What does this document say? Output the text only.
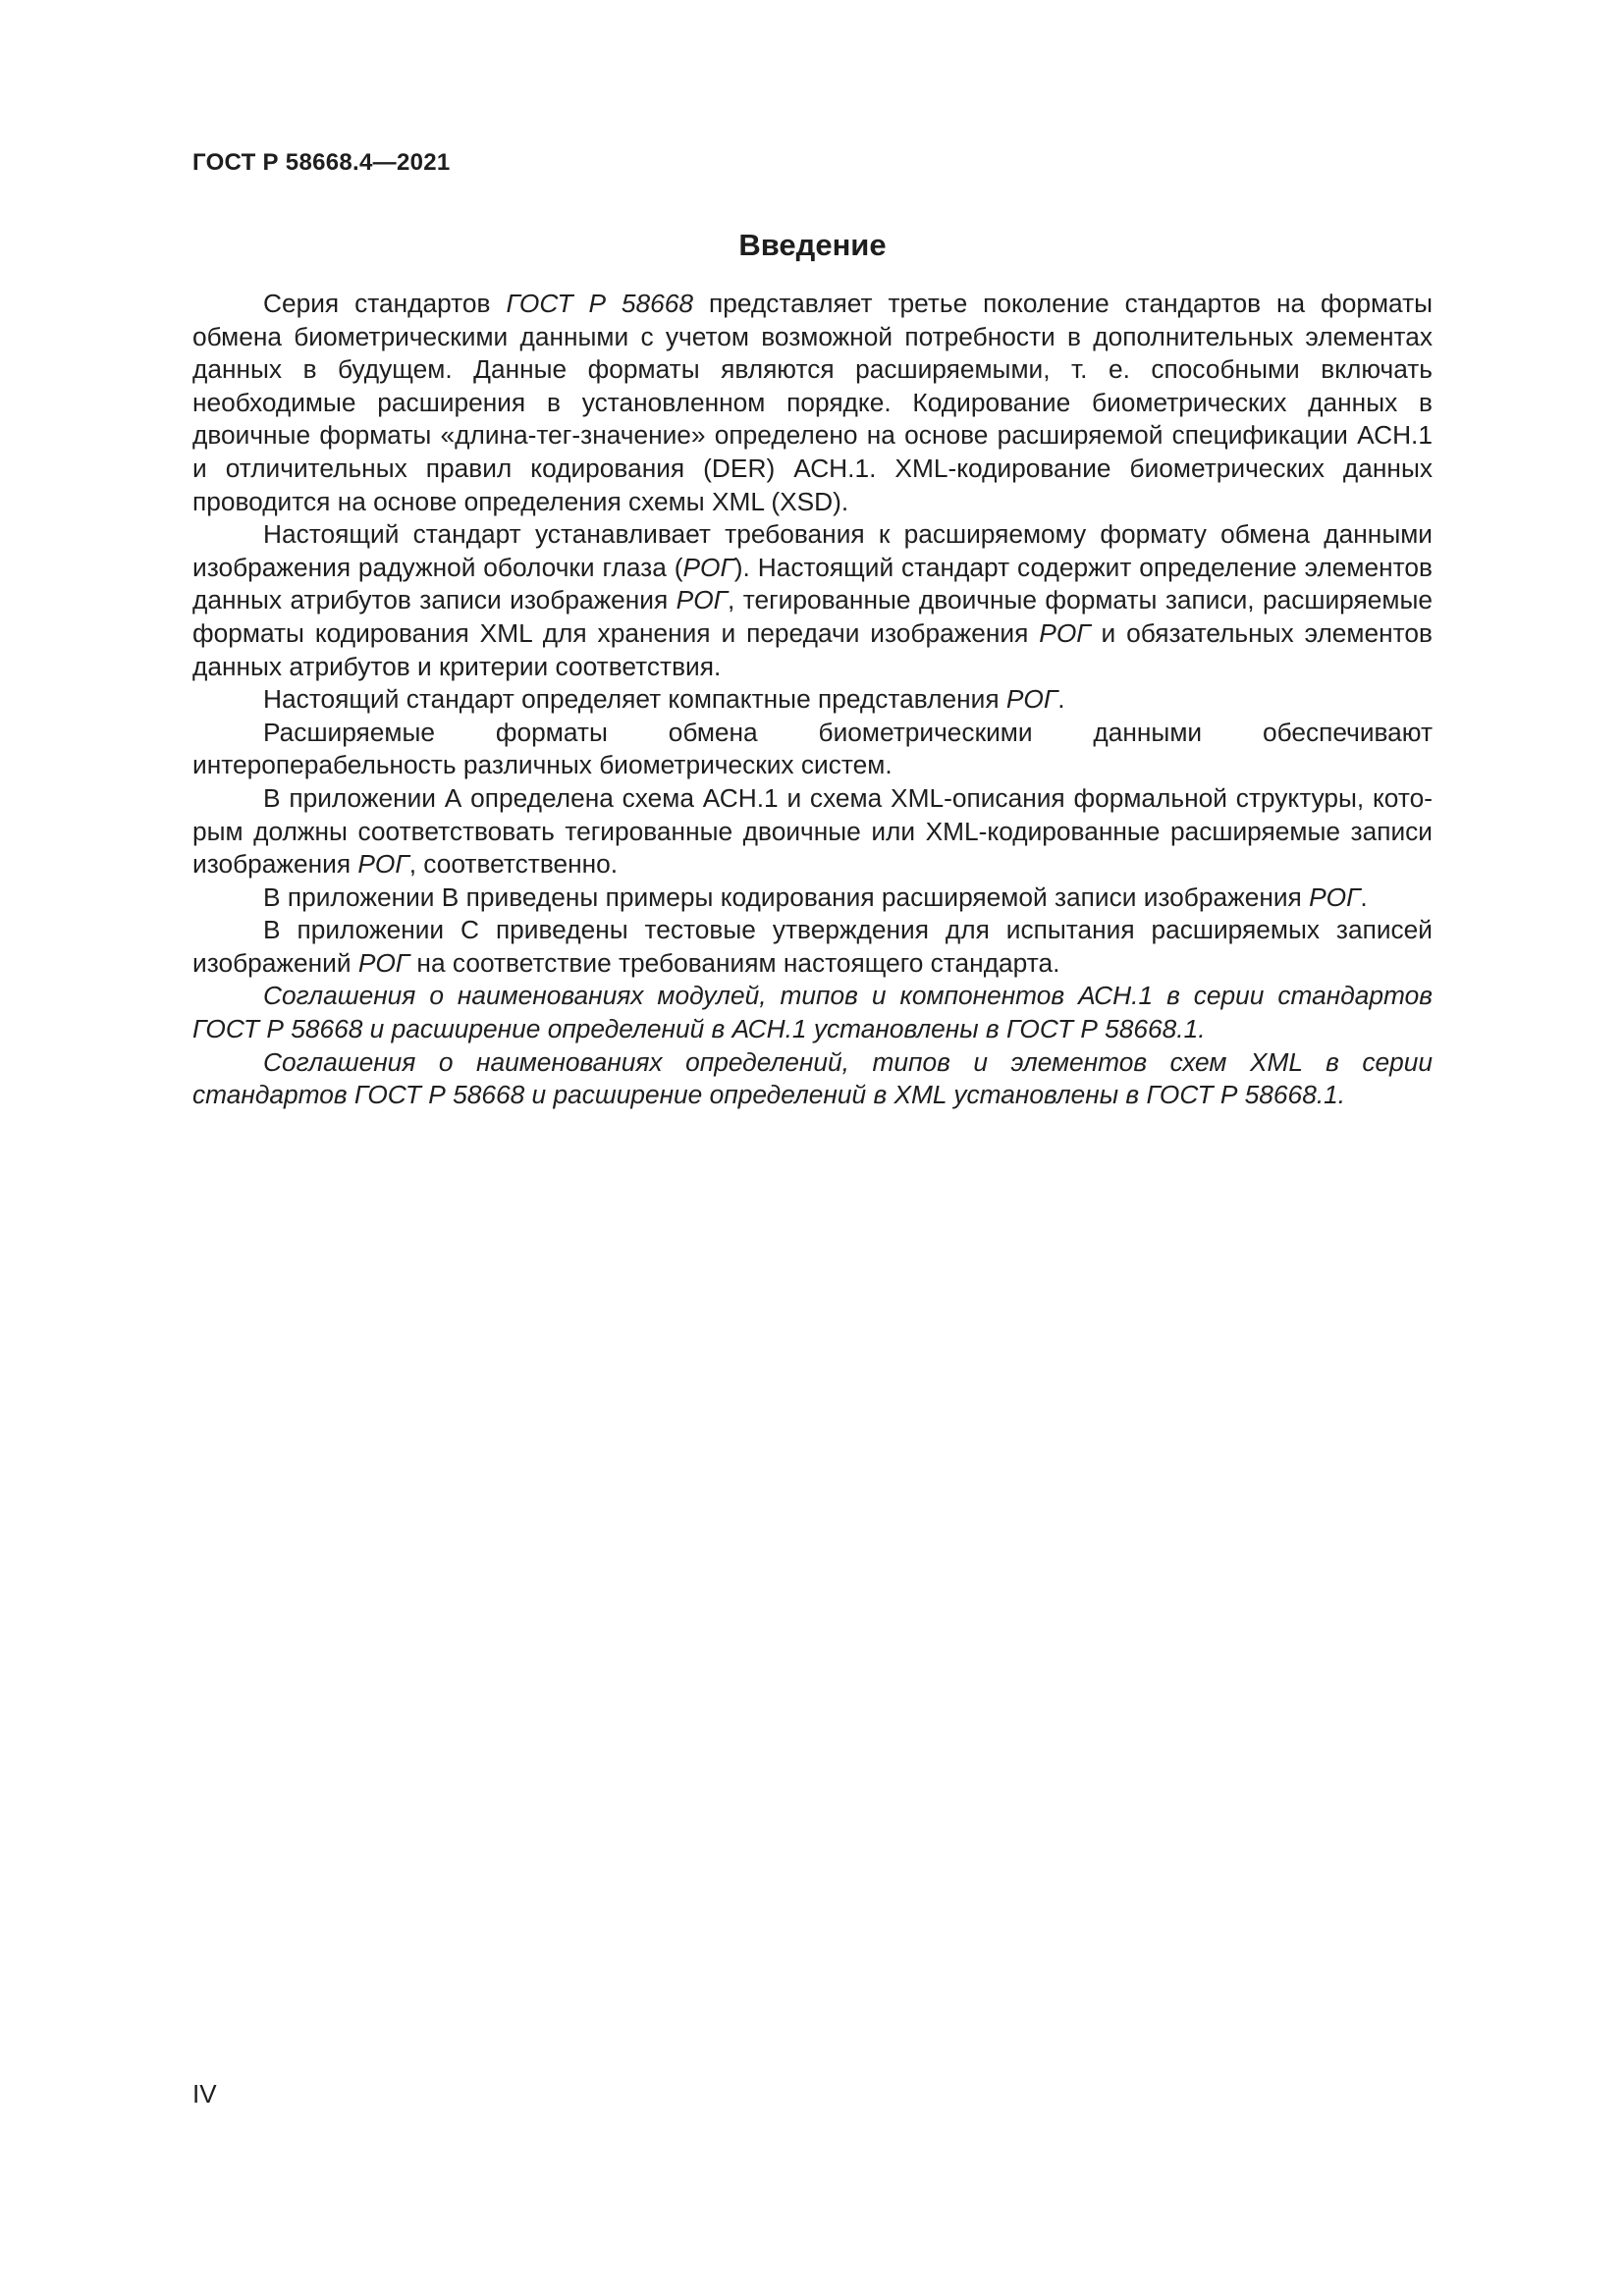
ГОСТ Р 58668.4—2021
Введение

Серия стандартов ГОСТ Р 58668 представляет третье поколение стандартов на форматы обмена биометрическими данными с учетом возможной потребности в дополнительных элементах данных в будущем. Данные форматы являются расширяемыми, т. е. способными включать необходимые расширения в установленном порядке. Кодирование биометрических данных в двоичные форматы «длина-тег-значение» определено на основе расширяемой спецификации АСН.1 и отличительных правил кодирования (DER) АСН.1. XML-кодирование биометрических данных проводится на основе определения схемы XML (XSD).

Настоящий стандарт устанавливает требования к расширяемому формату обмена данными изображения радужной оболочки глаза (РОГ). Настоящий стандарт содержит определение элементов данных атрибутов записи изображения РОГ, тегированные двоичные форматы записи, расширяемые форматы кодирования XML для хранения и передачи изображения РОГ и обязательных элементов данных атрибутов и критерии соответствия.

Настоящий стандарт определяет компактные представления РОГ.

Расширяемые форматы обмена биометрическими данными обеспечивают интероперабельность различных биометрических систем.

В приложении А определена схема АСН.1 и схема XML-описания формальной структуры, которым должны соответствовать тегированные двоичные или XML-кодированные расширяемые записи изображения РОГ, соответственно.

В приложении В приведены примеры кодирования расширяемой записи изображения РОГ.

В приложении С приведены тестовые утверждения для испытания расширяемых записей изображений РОГ на соответствие требованиям настоящего стандарта.

Соглашения о наименованиях модулей, типов и компонентов АСН.1 в серии стандартов ГОСТ Р 58668 и расширение определений в АСН.1 установлены в ГОСТ Р 58668.1.

Соглашения о наименованиях определений, типов и элементов схем XML в серии стандартов ГОСТ Р 58668 и расширение определений в XML установлены в ГОСТ Р 58668.1.

IV
